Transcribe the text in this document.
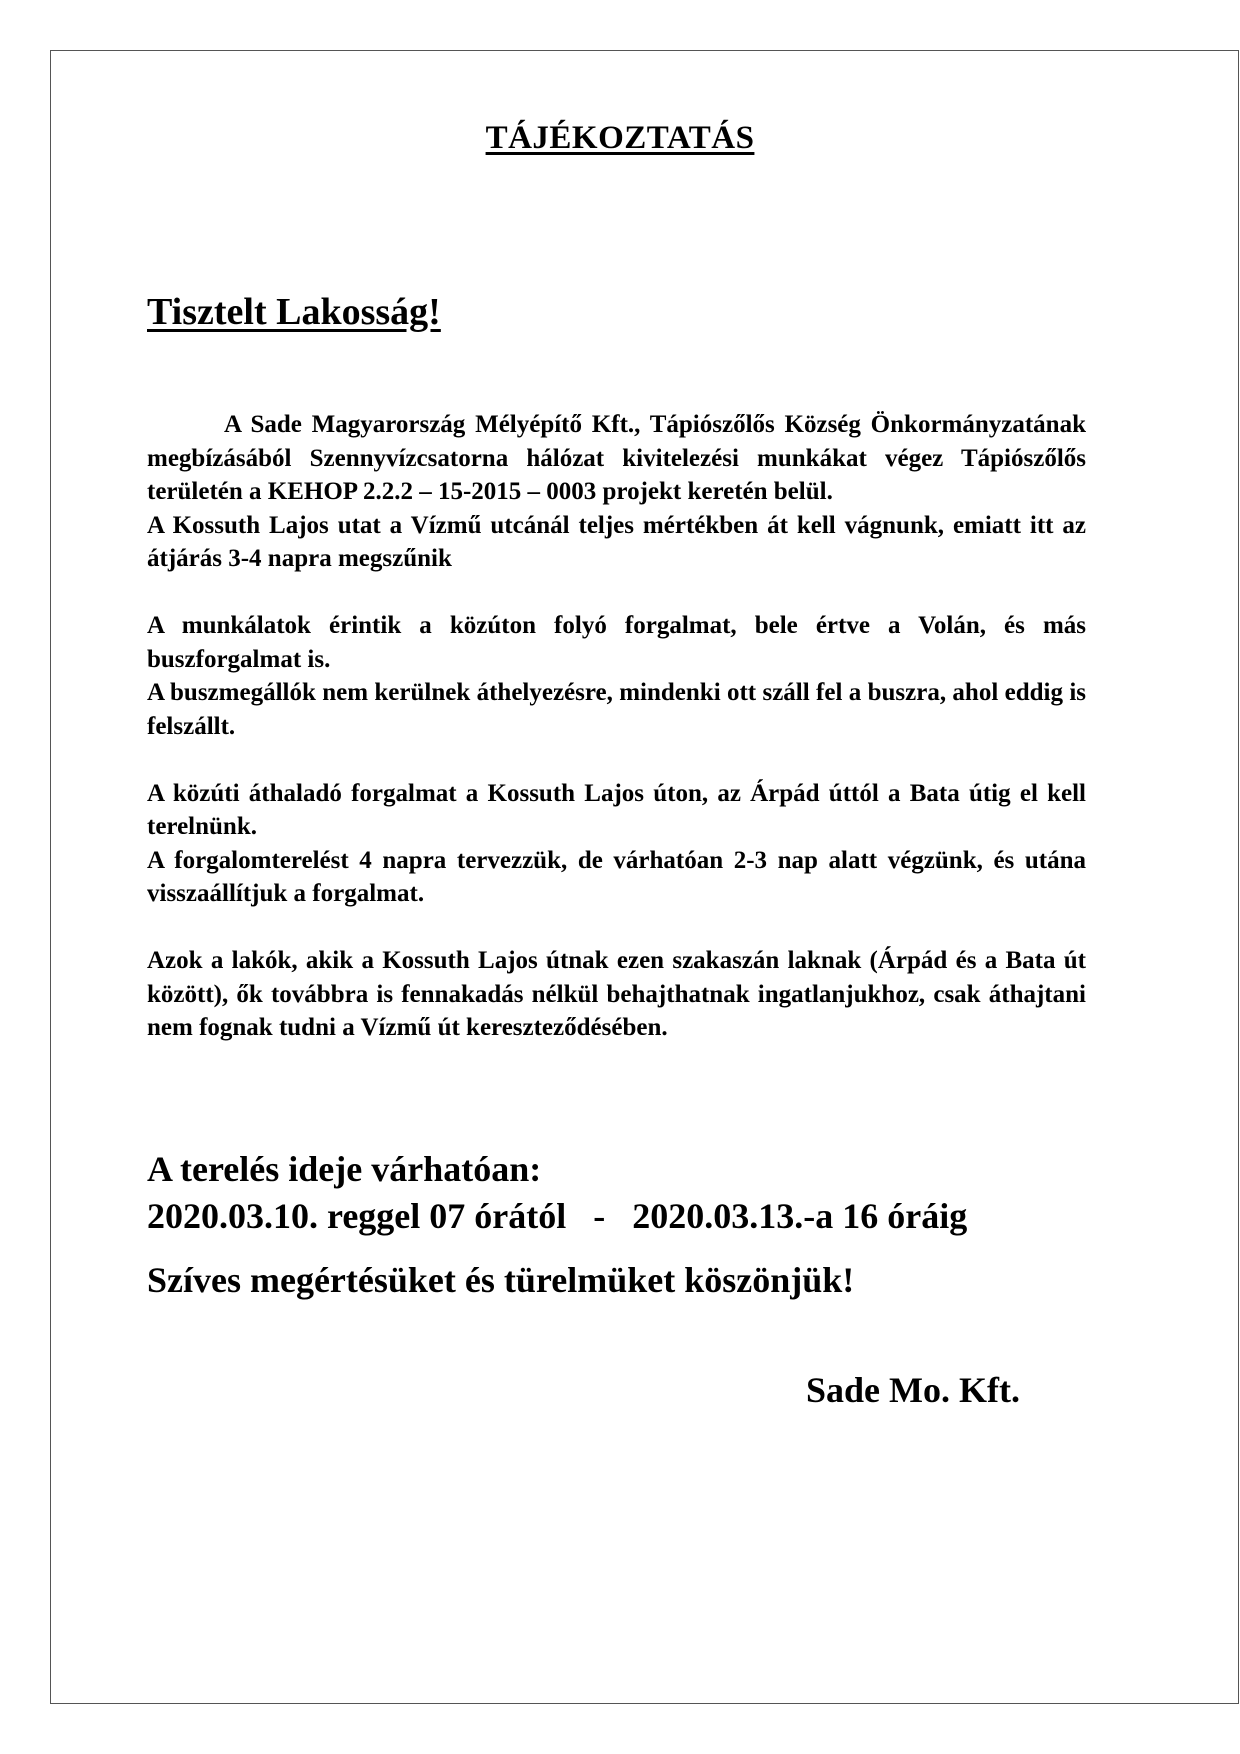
TÁJÉKOZTATÁS
Tisztelt Lakosság!

A Sade Magyarország Mélyépítő Kft., Tápiószőlős Község Önkormányzatának megbízásából Szennyvízcsatorna hálózat kivitelezési munkákat végez Tápiószőlős területén a KEHOP 2.2.2 – 15-2015 – 0003 projekt keretén belül.

A Kossuth Lajos utat a Vízmű utcánál teljes mértékben át kell vágnunk, emiatt itt az átjárás 3-4 napra megszűnik

A munkálatok érintik a közúton folyó forgalmat, bele értve a Volán, és más buszforgalmat is.

A buszmegállók nem kerülnek áthelyezésre, mindenki ott száll fel a buszra, ahol eddig is felszállt.

A közúti áthaladó forgalmat a Kossuth Lajos úton, az Árpád úttól a Bata útig el kell terelnünk.

A forgalomterelést 4 napra tervezzük, de várhatóan 2-3 nap alatt végzünk, és utána visszaállítjuk a forgalmat.

Azok a lakók, akik a Kossuth Lajos útnak ezen szakaszán laknak (Árpád és a Bata út között), ők továbbra is fennakadás nélkül behajthatnak ingatlanjukhoz, csak áthajtani nem fognak tudni a Vízmű út kereszteződésében.

A terelés ideje várhatóan:
2020.03.10. reggel 07 órától   -   2020.03.13.-a 16 óráig

Szíves megértésüket és türelmüket köszönjük!

Sade Mo. Kft.
